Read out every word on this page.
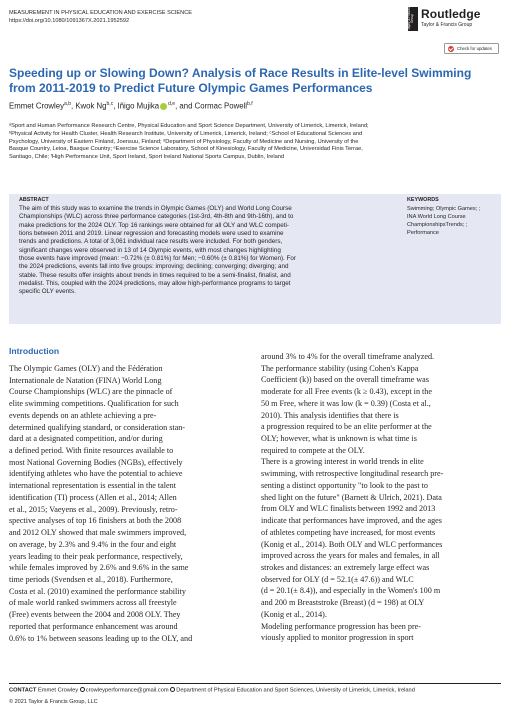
MEASUREMENT IN PHYSICAL EDUCATION AND EXERCISE SCIENCE
https://doi.org/10.1080/1091367X.2021.1952592	Taylor & Francis Group Routledge
Taylor & Francis Group
Check for updates
Speeding up or Slowing Down? Analysis of Race Results in Elite-level Swimming
from 2011-2019 to Predict Future Olympic Games Performances
Emmet Crowley$^{a,b}$, Kwok Ng$^{b,c}$, Iñigo Mujika $^{d,e}$, and Cormac Powell$^{b,f}$

ᵃSport and Human Performance Research Centre, Physical Education and Sport Science Department, University of Limerick, Limerick, Ireland;

ᵇPhysical Activity for Health Cluster, Health Research Institute, University of Limerick, Limerick, Ireland; ᶜSchool of Educational Sciences and

Psychology, University of Eastern Finland, Joensuu, Finland; ᵈDepartment of Physiology, Faculty of Medicine and Nursing, University of the

Basque Country, Leioa, Basque Country; ᵉExercise Science Laboratory, School of Kinesiology, Faculty of Medicine, Universidad Finis Terrae,

Santiago, Chile; ᶠHigh Performance Unit, Sport Ireland, Sport Ireland National Sports Campus, Dublin, Ireland

ABSTRACT

The aim of this study was to examine the trends in Olympic Games (OLY) and World Long Course

Championships (WLC) across three performance categories (1st-3rd, 4th-8th and 9th-16th), and to

make predictions for the 2024 OLY. Top 16 rankings were obtained for all OLY and WLC competi-

tions between 2011 and 2019. Linear regression and forecasting models were used to examine

trends and predictions. A total of 3,061 individual race results were included. For both genders,

significant changes were observed in 13 of 14 Olympic events, with most changes highlighting

those events have improved (mean: −0.72% (± 0.81%) for Men; −0.60% (± 0.81%) for Women). For

the 2024 predictions, events fall into five groups: improving; declining; converging; diverging; and

stable. These results offer insights about trends in times required to be a semi-finalist, finalist, and

medalist. This, coupled with the 2024 predictions, may allow high-performance programs to target

specific OLY events.

KEYWORDS

Swimming; Olympic Games; ;

INA World Long Course

ChampionshipsTrends; ;

Performance

Introduction

The Olympic Games (OLY) and the Fédération

Internationale de Natation (FINA) World Long

Course Championships (WLC) are the pinnacle of

elite swimming competitions. Qualification for such

events depends on an athlete achieving a pre-

determined qualifying standard, or consideration stan-

dard at a designated competition, and/or during

a defined period. With finite resources available to

most National Governing Bodies (NGBs), effectively

identifying athletes who have the potential to achieve

international representation is essential in the talent

identification (TI) process (Allen et al., 2014; Allen

et al., 2015; Vaeyens et al., 2009). Previously, retro-

spective analyses of top 16 finishers at both the 2008

and 2012 OLY showed that male swimmers improved,

on average, by 2.3% and 9.4% in the four and eight

years leading to their peak performance, respectively,

while females improved by 2.6% and 9.6% in the same

time periods (Svendsen et al., 2018). Furthermore,

Costa et al. (2010) examined the performance stability

of male world ranked swimmers across all freestyle

(Free) events between the 2004 and 2008 OLY. They

reported that performance enhancement was around

0.6% to 1% between seasons leading up to the OLY, and

around 3% to 4% for the overall timeframe analyzed.

The performance stability (using Cohen's Kappa

Coefficient (k)) based on the overall timeframe was

moderate for all Free events (k ≥ 0.43), except in the

50 m Free, where it was low (k = 0.39) (Costa et al.,

2010). This analysis identifies that there is

a progression required to be an elite performer at the

OLY; however, what is unknown is what time is

required to compete at the OLY.

There is a growing interest in world trends in elite

swimming, with retrospective longitudinal research pre-

senting a distinct opportunity "to look to the past to

shed light on the future" (Barnett & Ulrich, 2021). Data

from OLY and WLC finalists between 1992 and 2013

indicate that performances have improved, and the ages

of athletes competing have increased, for most events

(Konig et al., 2014). Both OLY and WLC performances

improved across the years for males and females, in all

strokes and distances: an extremely large effect was

observed for OLY (d = 52.1(± 47.6)) and WLC

(d = 20.1(± 8.4)), and especially in the Women's 100 m

and 200 m Breaststroke (Breast) (d = 198) at OLY

(Konig et al., 2014).

Modeling performance progression has been pre-

viously applied to monitor progression in sport

CONTACT Emmet Crowley crowleyperformance@gmail.com Department of Physical Education and Sport Sciences, University of Limerick, Limerick, Ireland
© 2021 Taylor & Francis Group, LLC
